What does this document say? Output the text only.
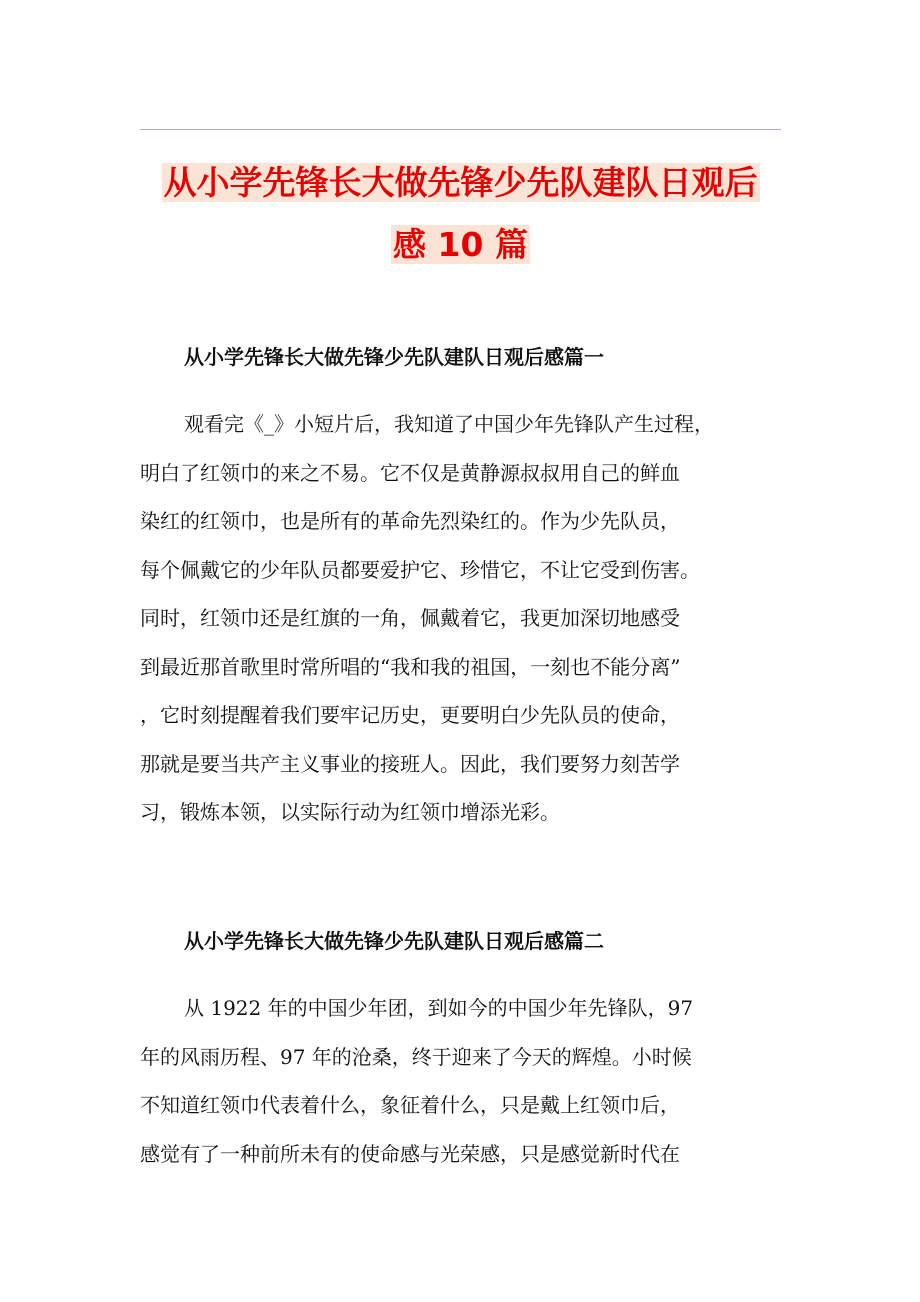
从小学先锋长大做先锋少先队建队日观后
感 10 篇
从小学先锋长大做先锋少先队建队日观后感篇一
观看完《_》小短片后，我知道了中国少年先锋队产生过程，
明白了红领巾的来之不易。它不仅是黄静源叔叔用自己的鲜血
染红的红领巾，也是所有的革命先烈染红的。作为少先队员，
每个佩戴它的少年队员都要爱护它、珍惜它，不让它受到伤害。
同时，红领巾还是红旗的一角，佩戴着它，我更加深切地感受
到最近那首歌里时常所唱的“我和我的祖国，一刻也不能分离”
，它时刻提醒着我们要牢记历史，更要明白少先队员的使命，
那就是要当共产主义事业的接班人。因此，我们要努力刻苦学
习，锻炼本领，以实际行动为红领巾增添光彩。
从小学先锋长大做先锋少先队建队日观后感篇二
从 1922 年的中国少年团，到如今的中国少年先锋队，97
年的风雨历程、97 年的沧桑，终于迎来了今天的辉煌。小时候
不知道红领巾代表着什么，象征着什么，只是戴上红领巾后，
感觉有了一种前所未有的使命感与光荣感，只是感觉新时代在
